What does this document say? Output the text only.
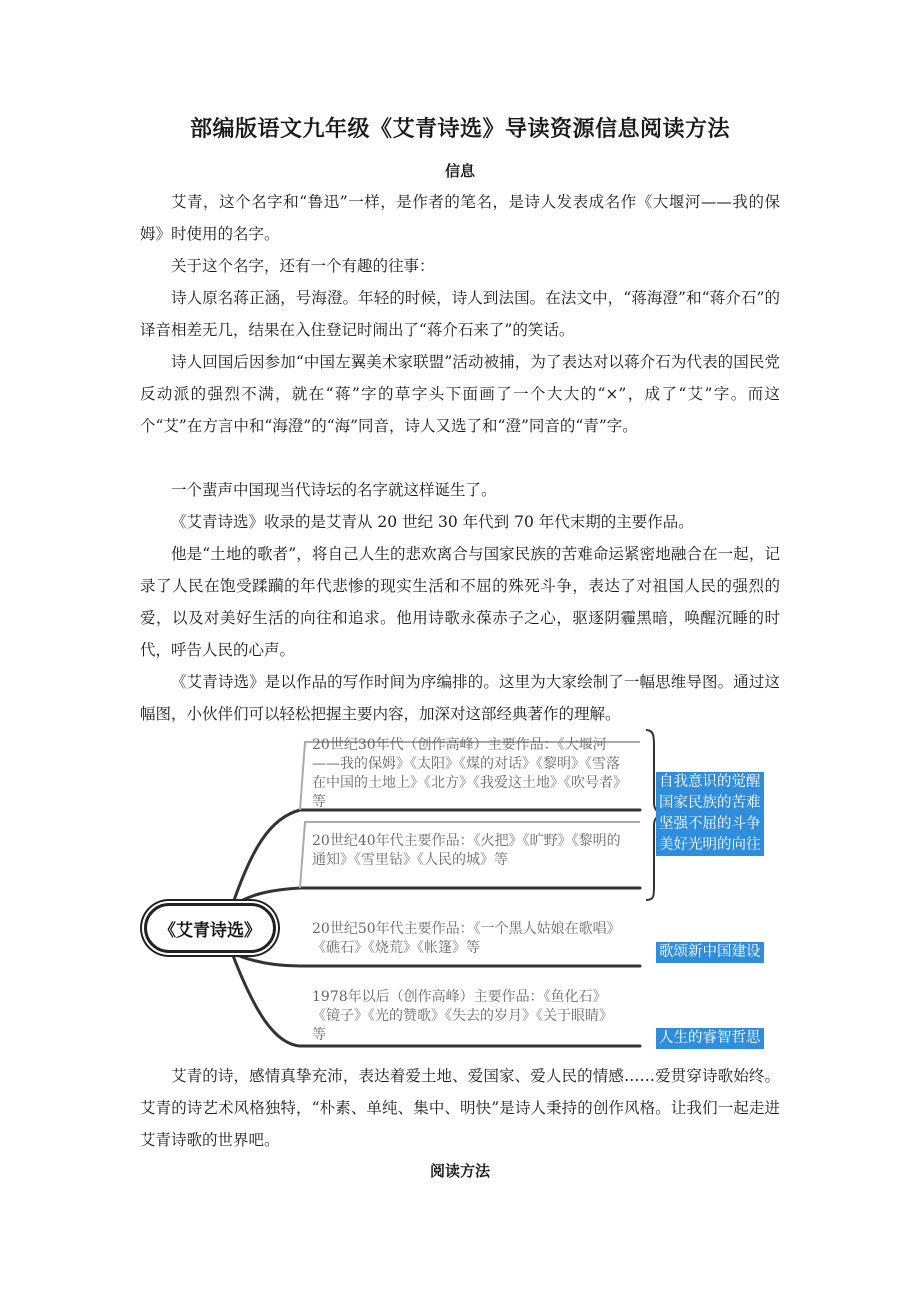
部编版语文九年级《艾青诗选》导读资源信息阅读方法
信息

艾青，这个名字和“鲁迅”一样，是作者的笔名，是诗人发表成名作《大堰河——我的保姆》时使用的名字。

关于这个名字，还有一个有趣的往事：

诗人原名蒋正涵，号海澄。年轻的时候，诗人到法国。在法文中，“蒋海澄”和“蒋介石”的译音相差无几，结果在入住登记时闹出了“蒋介石来了”的笑话。

诗人回国后因参加“中国左翼美术家联盟”活动被捕，为了表达对以蒋介石为代表的国民党反动派的强烈不满，就在“蒋”字的草字头下面画了一个大大的“×”，成了“艾”字。而这个“艾”在方言中和“海澄”的“海”同音，诗人又选了和“澄”同音的“青”字。

一个蜚声中国现当代诗坛的名字就这样诞生了。

《艾青诗选》收录的是艾青从 20 世纪 30 年代到 70 年代末期的主要作品。

他是“土地的歌者”，将自己人生的悲欢离合与国家民族的苦难命运紧密地融合在一起，记录了人民在饱受蹂躏的年代悲惨的现实生活和不屈的殊死斗争，表达了对祖国人民的强烈的爱，以及对美好生活的向往和追求。他用诗歌永葆赤子之心，驱逐阴霾黑暗，唤醒沉睡的时代，呼告人民的心声。

《艾青诗选》是以作品的写作时间为序编排的。这里为大家绘制了一幅思维导图。通过这幅图，小伙伴们可以轻松把握主要内容，加深对这部经典著作的理解。

《艾青诗选》
20世纪30年代（创作高峰）主要作品：《大堰河——我的保姆》《太阳》《煤的对话》《黎明》《雪落在中国的土地上》《北方》《我爱这土地》《吹号者》等
20世纪40年代主要作品：《火把》《旷野》《黎明的通知》《雪里钻》《人民的城》等
20世纪50年代主要作品：《一个黑人姑娘在歌唱》《礁石》《烧荒》《帐篷》等
1978年以后（创作高峰）主要作品：《鱼化石》《镜子》《光的赞歌》《失去的岁月》《关于眼睛》等
自我意识的觉醒
国家民族的苦难
坚强不屈的斗争
美好光明的向往
歌颂新中国建设
人生的睿智哲思

艾青的诗，感情真挚充沛，表达着爱土地、爱国家、爱人民的情感……爱贯穿诗歌始终。艾青的诗艺术风格独特，“朴素、单纯、集中、明快”是诗人秉持的创作风格。让我们一起走进艾青诗歌的世界吧。

阅读方法
